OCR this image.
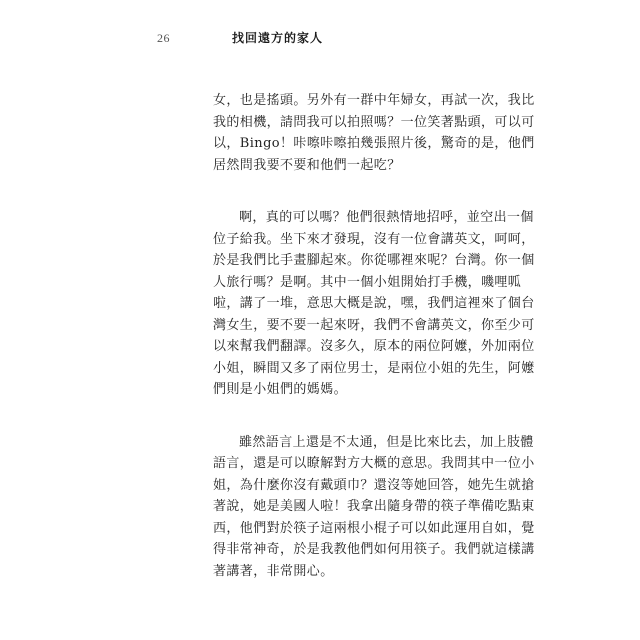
26	找回遠方的家人

女，也是搖頭。另外有一群中年婦女，再試一次，我比
我的相機，請問我可以拍照嗎？一位笑著點頭，可以可
以，Bingo！咔嚓咔嚓拍幾張照片後，驚奇的是，他們
居然問我要不要和他們一起吃？

啊，真的可以嗎？他們很熱情地招呼，並空出一個
位子給我。坐下來才發現，沒有一位會講英文，呵呵，
於是我們比手畫腳起來。你從哪裡來呢？台灣。你一個
人旅行嗎？是啊。其中一個小姐開始打手機，嘰哩呱
啦，講了一堆，意思大概是說，嘿，我們這裡來了個台
灣女生，要不要一起來呀，我們不會講英文，你至少可
以來幫我們翻譯。沒多久，原本的兩位阿嬤，外加兩位
小姐，瞬間又多了兩位男士，是兩位小姐的先生，阿嬤
們則是小姐們的媽媽。

雖然語言上還是不太通，但是比來比去，加上肢體
語言，還是可以瞭解對方大概的意思。我問其中一位小
姐，為什麼你沒有戴頭巾？還沒等她回答，她先生就搶
著說，她是美國人啦！我拿出隨身帶的筷子準備吃點東
西，他們對於筷子這兩根小棍子可以如此運用自如，覺
得非常神奇，於是我教他們如何用筷子。我們就這樣講
著講著，非常開心。
